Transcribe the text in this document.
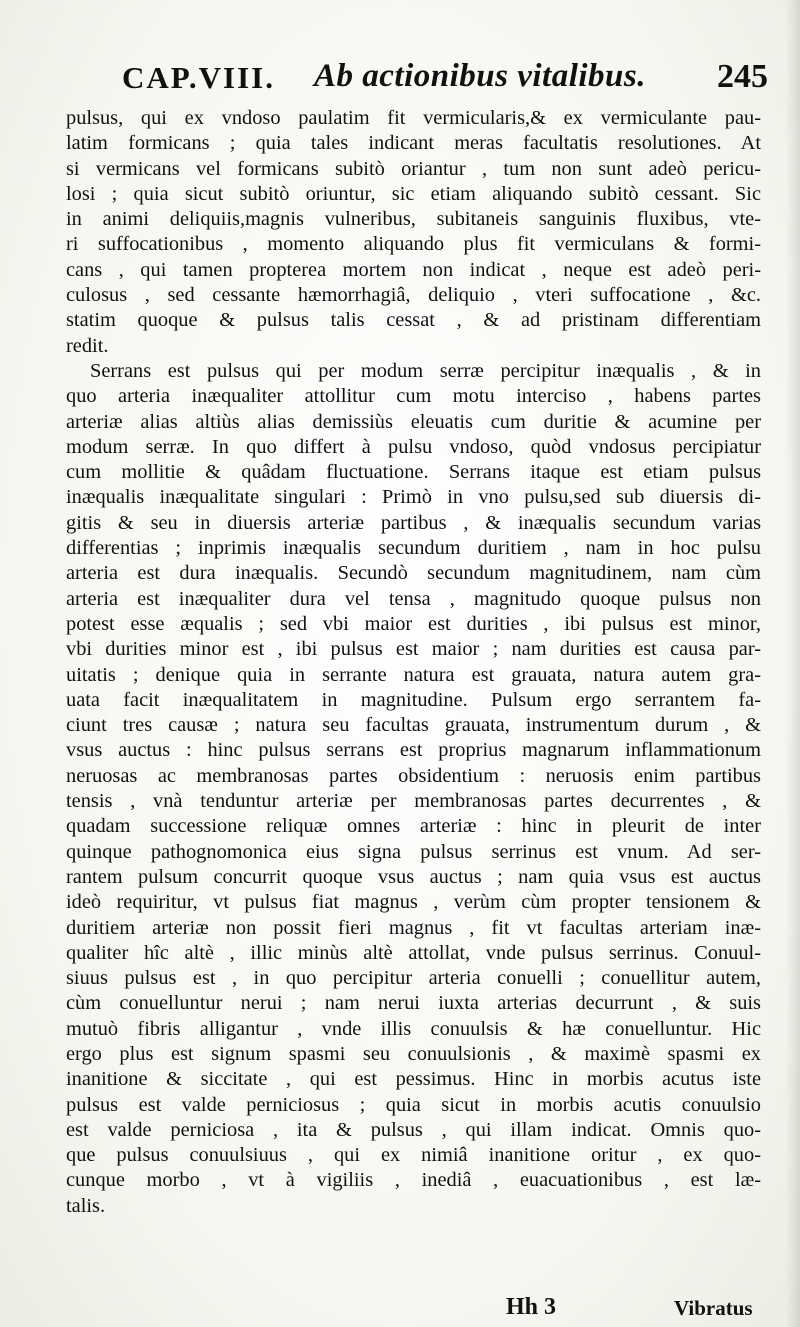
CAP.VIII. Ab actionibus vitalibus. 245
pulsus, qui ex vndoso paulatim fit vermicularis,& ex vermiculante pau-
latim formicans ; quia tales indicant meras facultatis resolutiones. At
si vermicans vel formicans subitò oriantur , tum non sunt adeò pericu-
losi ; quia sicut subitò oriuntur, sic etiam aliquando subitò cessant. Sic
in animi deliquiis,magnis vulneribus, subitaneis sanguinis fluxibus, vte-
ri suffocationibus , momento aliquando plus fit vermiculans & formi-
cans , qui tamen propterea mortem non indicat , neque est adeò peri-
culosus , sed cessante hæmorrhagiâ, deliquio , vteri suffocatione , &c.
statim quoque & pulsus talis cessat , & ad pristinam differentiam
redit.
Serrans est pulsus qui per modum serræ percipitur inæqualis , & in
quo arteria inæqualiter attollitur cum motu interciso , habens partes
arteriæ alias altiùs alias demissiùs eleuatis cum duritie & acumine per
modum serræ. In quo differt à pulsu vndoso, quòd vndosus percipiatur
cum mollitie & quâdam fluctuatione. Serrans itaque est etiam pulsus
inæqualis inæqualitate singulari : Primò in vno pulsu,sed sub diuersis di-
gitis & seu in diuersis arteriæ partibus , & inæqualis secundum varias
differentias ; inprimis inæqualis secundum duritiem , nam in hoc pulsu
arteria est dura inæqualis. Secundò secundum magnitudinem, nam cùm
arteria est inæqualiter dura vel tensa , magnitudo quoque pulsus non
potest esse æqualis ; sed vbi maior est durities , ibi pulsus est minor,
vbi durities minor est , ibi pulsus est maior ; nam durities est causa par-
uitatis ; denique quia in serrante natura est grauata, natura autem gra-
uata facit inæqualitatem in magnitudine. Pulsum ergo serrantem fa-
ciunt tres causæ ; natura seu facultas grauata, instrumentum durum , &
vsus auctus : hinc pulsus serrans est proprius magnarum inflammationum
neruosas ac membranosas partes obsidentium : neruosis enim partibus
tensis , vnà tenduntur arteriæ per membranosas partes decurrentes , &
quadam successione reliquæ omnes arteriæ : hinc in pleurit de inter
quinque pathognomonica eius signa pulsus serrinus est vnum. Ad ser-
rantem pulsum concurrit quoque vsus auctus ; nam quia vsus est auctus
ideò requiritur, vt pulsus fiat magnus , verùm cùm propter tensionem &
duritiem arteriæ non possit fieri magnus , fit vt facultas arteriam inæ-
qualiter hîc altè , illic minùs altè attollat, vnde pulsus serrinus. Conuul-
siuus pulsus est , in quo percipitur arteria conuelli ; conuellitur autem,
cùm conuelluntur nerui ; nam nerui iuxta arterias decurrunt , & suis
mutuò fibris alligantur , vnde illis conuulsis & hæ conuelluntur. Hic
ergo plus est signum spasmi seu conuulsionis , & maximè spasmi ex
inanitione & siccitate , qui est pessimus. Hinc in morbis acutus iste
pulsus est valde perniciosus ; quia sicut in morbis acutis conuulsio
est valde perniciosa , ita & pulsus , qui illam indicat. Omnis quo-
que pulsus conuulsiuus , qui ex nimiâ inanitione oritur , ex quo-
cunque morbo , vt à vigiliis , inediâ , euacuationibus , est læ-
talis.
Hh 3	Vibratus
